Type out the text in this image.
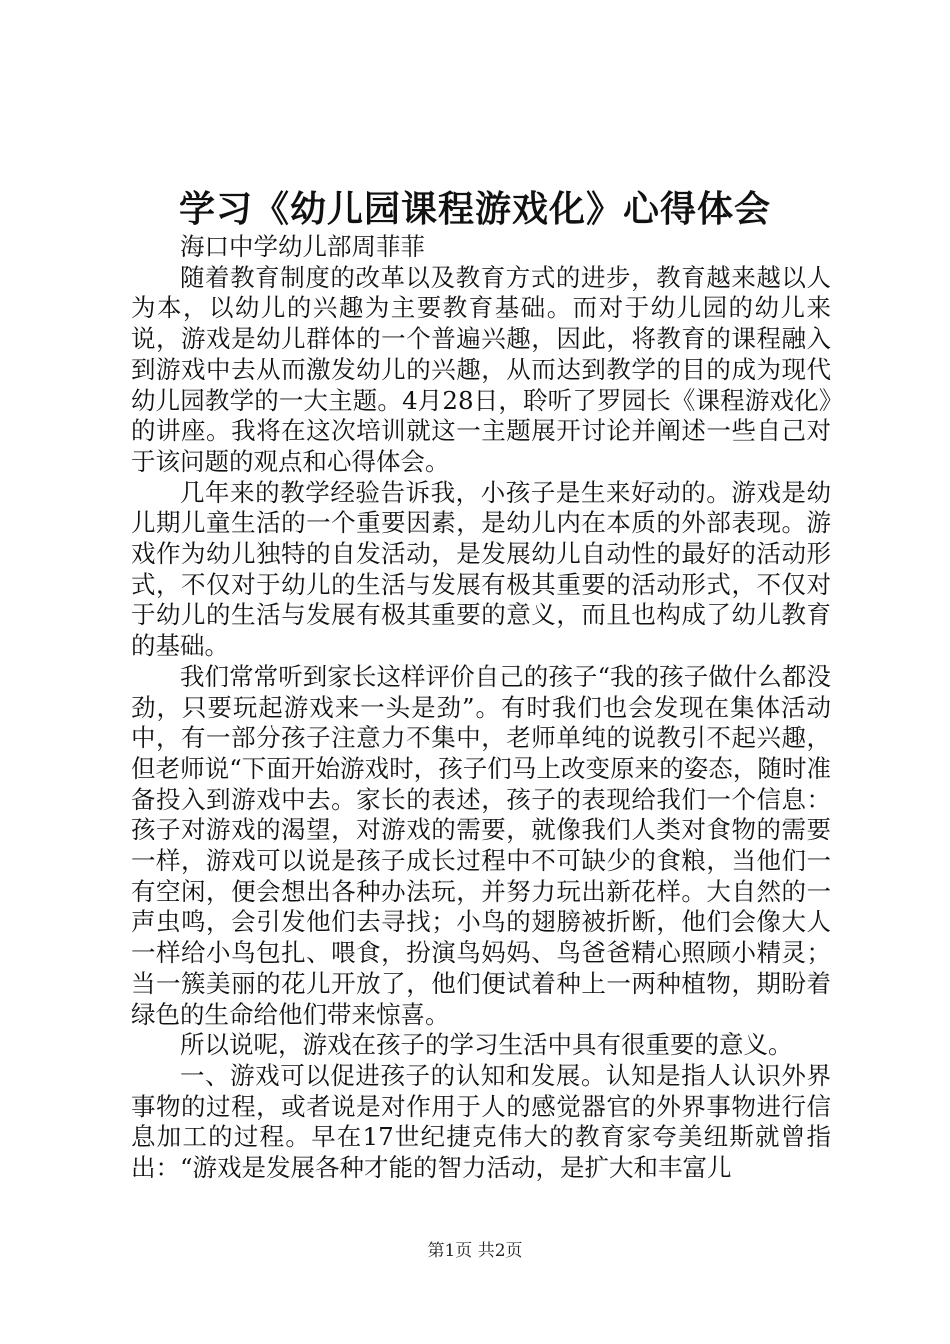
学习《幼儿园课程游戏化》心得体会

海口中学幼儿部周菲菲

随着教育制度的改革以及教育方式的进步，教育越来越以人为本，以幼儿的兴趣为主要教育基础。而对于幼儿园的幼儿来说，游戏是幼儿群体的一个普遍兴趣，因此，将教育的课程融入到游戏中去从而激发幼儿的兴趣，从而达到教学的目的成为现代幼儿园教学的一大主题。4月28日，聆听了罗园长《课程游戏化》的讲座。我将在这次培训就这一主题展开讨论并阐述一些自己对于该问题的观点和心得体会。

几年来的教学经验告诉我，小孩子是生来好动的。游戏是幼儿期儿童生活的一个重要因素，是幼儿内在本质的外部表现。游戏作为幼儿独特的自发活动，是发展幼儿自动性的最好的活动形式，不仅对于幼儿的生活与发展有极其重要的活动形式，不仅对于幼儿的生活与发展有极其重要的意义，而且也构成了幼儿教育的基础。

我们常常听到家长这样评价自己的孩子“我的孩子做什么都没劲，只要玩起游戏来一头是劲”。有时我们也会发现在集体活动中，有一部分孩子注意力不集中，老师单纯的说教引不起兴趣，但老师说“下面开始游戏时，孩子们马上改变原来的姿态，随时准备投入到游戏中去。家长的表述，孩子的表现给我们一个信息：孩子对游戏的渴望，对游戏的需要，就像我们人类对食物的需要一样，游戏可以说是孩子成长过程中不可缺少的食粮，当他们一有空闲，便会想出各种办法玩，并努力玩出新花样。大自然的一声虫鸣，会引发他们去寻找；小鸟的翅膀被折断，他们会像大人一样给小鸟包扎、喂食，扮演鸟妈妈、鸟爸爸精心照顾小精灵；当一簇美丽的花儿开放了，他们便试着种上一两种植物，期盼着绿色的生命给他们带来惊喜。

所以说呢，游戏在孩子的学习生活中具有很重要的意义。

一、游戏可以促进孩子的认知和发展。认知是指人认识外界事物的过程，或者说是对作用于人的感觉器官的外界事物进行信息加工的过程。早在17世纪捷克伟大的教育家夸美纽斯就曾指出：“游戏是发展各种才能的智力活动，是扩大和丰富儿

第1页 共2页
